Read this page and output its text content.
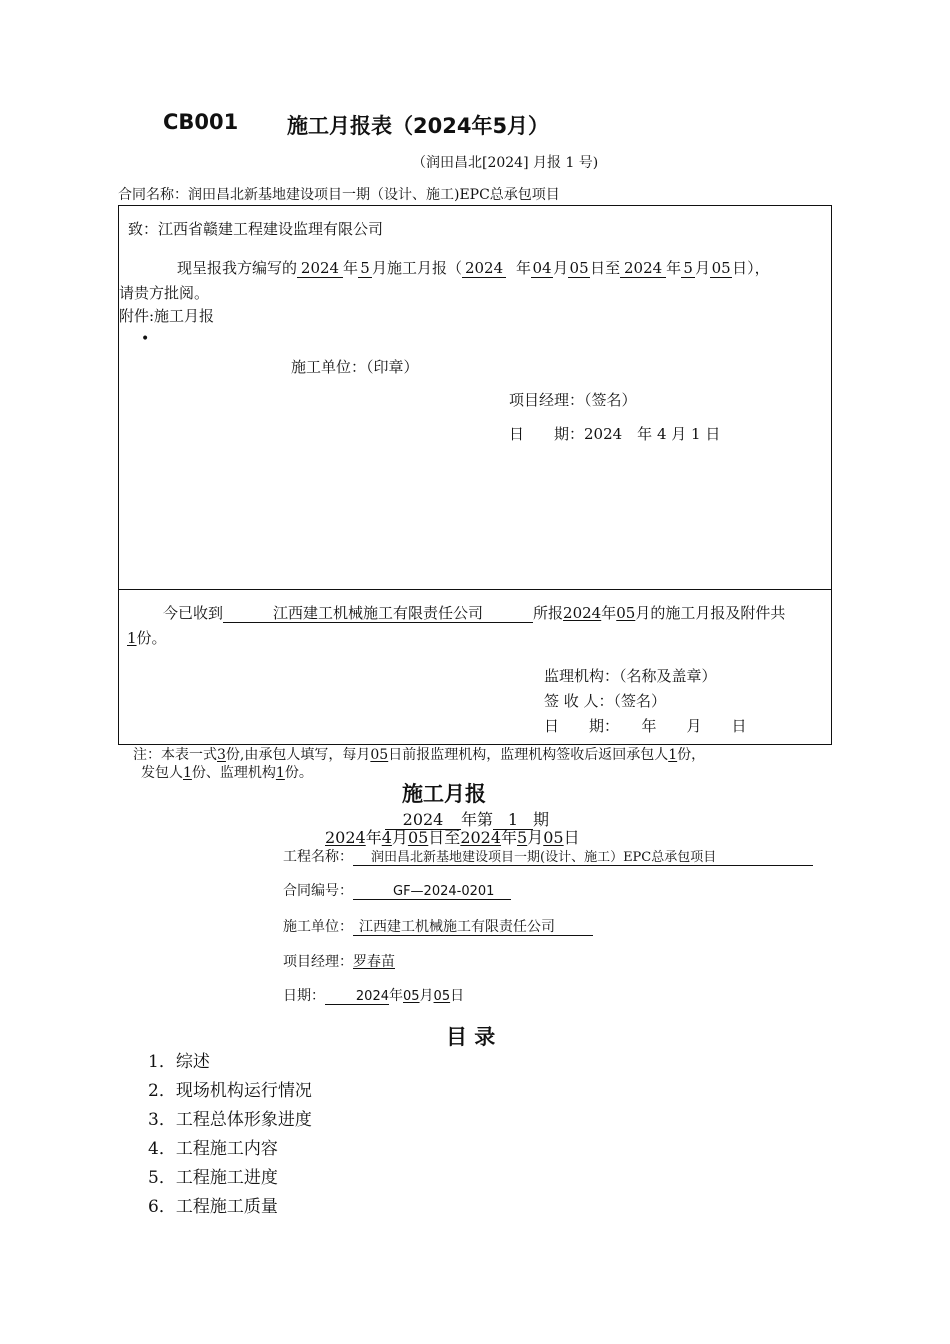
CB001 施工月报表（2024年5月）
（润田昌北[2024] 月报 1 号)
合同名称：润田昌北新基地建设项目一期（设计、施工)EPC总承包项目
致：江西省赣建工程建设监理有限公司
现呈报我方编写的 2024 年 5 月施工月报（ 2024 年04月05日至 2024 年 5 月05日），
请贵方批阅。
附件:施工月报
•
施工单位：（印章）
项目经理：（签名）
日　　期：2024　年 4 月 1 日
今已收到	江西建工机械施工有限责任公司	所报2024年05月的施工月报及附件共
1份。
监理机构：（名称及盖章）
签 收 人：（签名）
日　　期：　　年　　月　　日
注：本表一式3份,由承包人填写，每月05日前报监理机构，监理机构签收后返回承包人1份，
发包人1份、监理机构1份。
施工月报
2024 年第 1 期
2024年4月05日至2024年5月05日
工程名称： 润田昌北新基地建设项目一期(设计、施工）EPC总承包项目
合同编号：	GF—2024-0201
施工单位： 江西建工机械施工有限责任公司
项目经理：罗春苗
日期： 2024年05月05日
目 录
1．综述
2．现场机构运行情况
3．工程总体形象进度
4．工程施工内容
5．工程施工进度
6．工程施工质量
